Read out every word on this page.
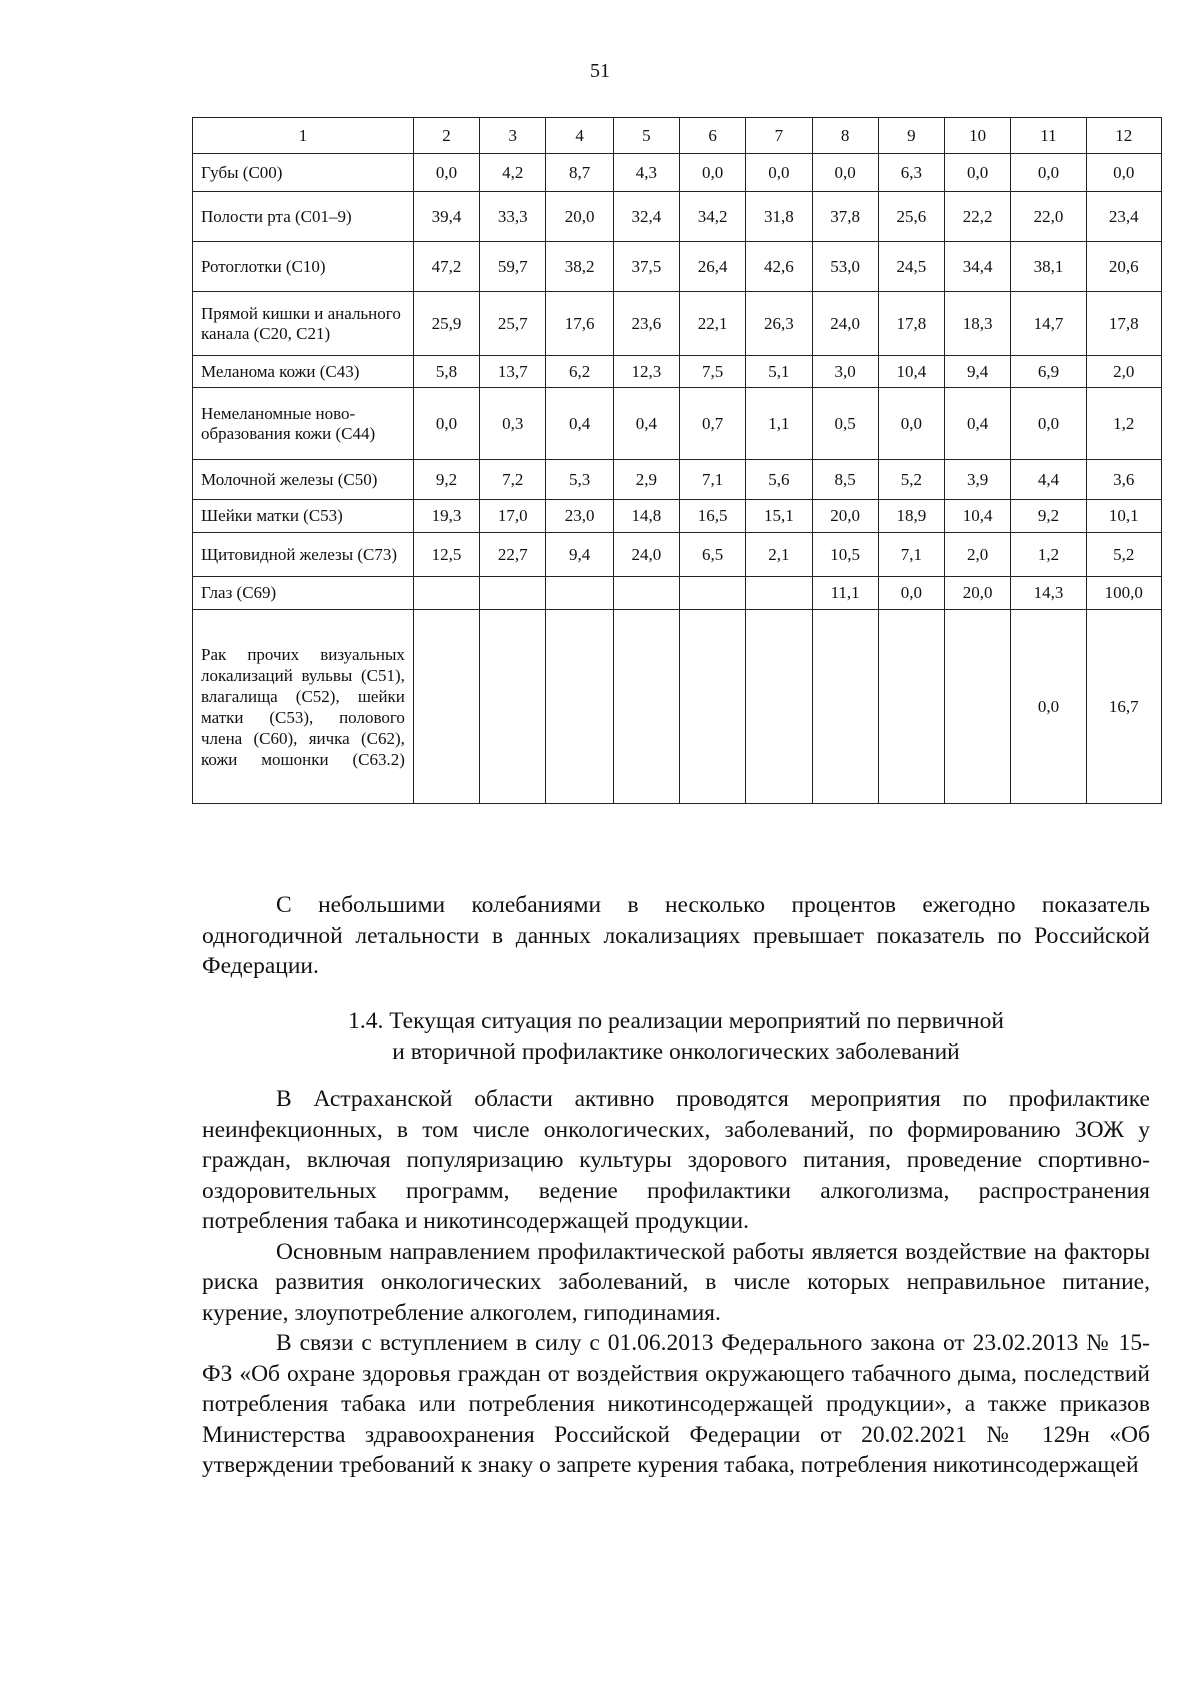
51
1	2	3	4	5	6	7	8	9	10	11	12
Губы (С00)	0,0	4,2	8,7	4,3	0,0	0,0	0,0	6,3	0,0	0,0	0,0
Полости рта (С01–9)	39,4	33,3	20,0	32,4	34,2	31,8	37,8	25,6	22,2	22,0	23,4
Ротоглотки (С10)	47,2	59,7	38,2	37,5	26,4	42,6	53,0	24,5	34,4	38,1	20,6
Прямой кишки и анального канала (С20, С21)	25,9	25,7	17,6	23,6	22,1	26,3	24,0	17,8	18,3	14,7	17,8
Меланома кожи (С43)	5,8	13,7	6,2	12,3	7,5	5,1	3,0	10,4	9,4	6,9	2,0
Немеланомные ново-образования кожи (С44)	0,0	0,3	0,4	0,4	0,7	1,1	0,5	0,0	0,4	0,0	1,2
Молочной железы (С50)	9,2	7,2	5,3	2,9	7,1	5,6	8,5	5,2	3,9	4,4	3,6
Шейки матки (С53)	19,3	17,0	23,0	14,8	16,5	15,1	20,0	18,9	10,4	9,2	10,1
Щитовидной железы (С73)	12,5	22,7	9,4	24,0	6,5	2,1	10,5	7,1	2,0	1,2	5,2
Глаз (С69)							11,1	0,0	20,0	14,3	100,0
Рак прочих визуальных локализаций вульвы (С51), влагалища (С52), шейки матки (С53), полового члена (С60), яичка (С62), кожи мошонки (С63.2)										0,0	16,7

С небольшими колебаниями в несколько процентов ежегодно показатель одногодичной летальности в данных локализациях превышает показатель по Российской Федерации.

1.4. Текущая ситуация по реализации мероприятий по первичной
и вторичной профилактике онкологических заболеваний

В Астраханской области активно проводятся мероприятия по профилактике неинфекционных, в том числе онкологических, заболеваний, по формированию ЗОЖ у граждан, включая популяризацию культуры здорового питания, проведение спортивно-оздоровительных программ, ведение профилактики алкоголизма, распространения потребления табака и никотинсодержащей продукции.

Основным направлением профилактической работы является воздействие на факторы риска развития онкологических заболеваний, в числе которых неправильное питание, курение, злоупотребление алкоголем, гиподинамия.

В связи с вступлением в силу с 01.06.2013 Федерального закона от 23.02.2013 № 15-ФЗ «Об охране здоровья граждан от воздействия окружающего табачного дыма, последствий потребления табака или потребления никотинсодержащей продукции», а также приказов Министерства здравоохранения Российской Федерации от 20.02.2021 № 129н «Об утверждении требований к знаку о запрете курения табака, потребления никотинсодержащей
